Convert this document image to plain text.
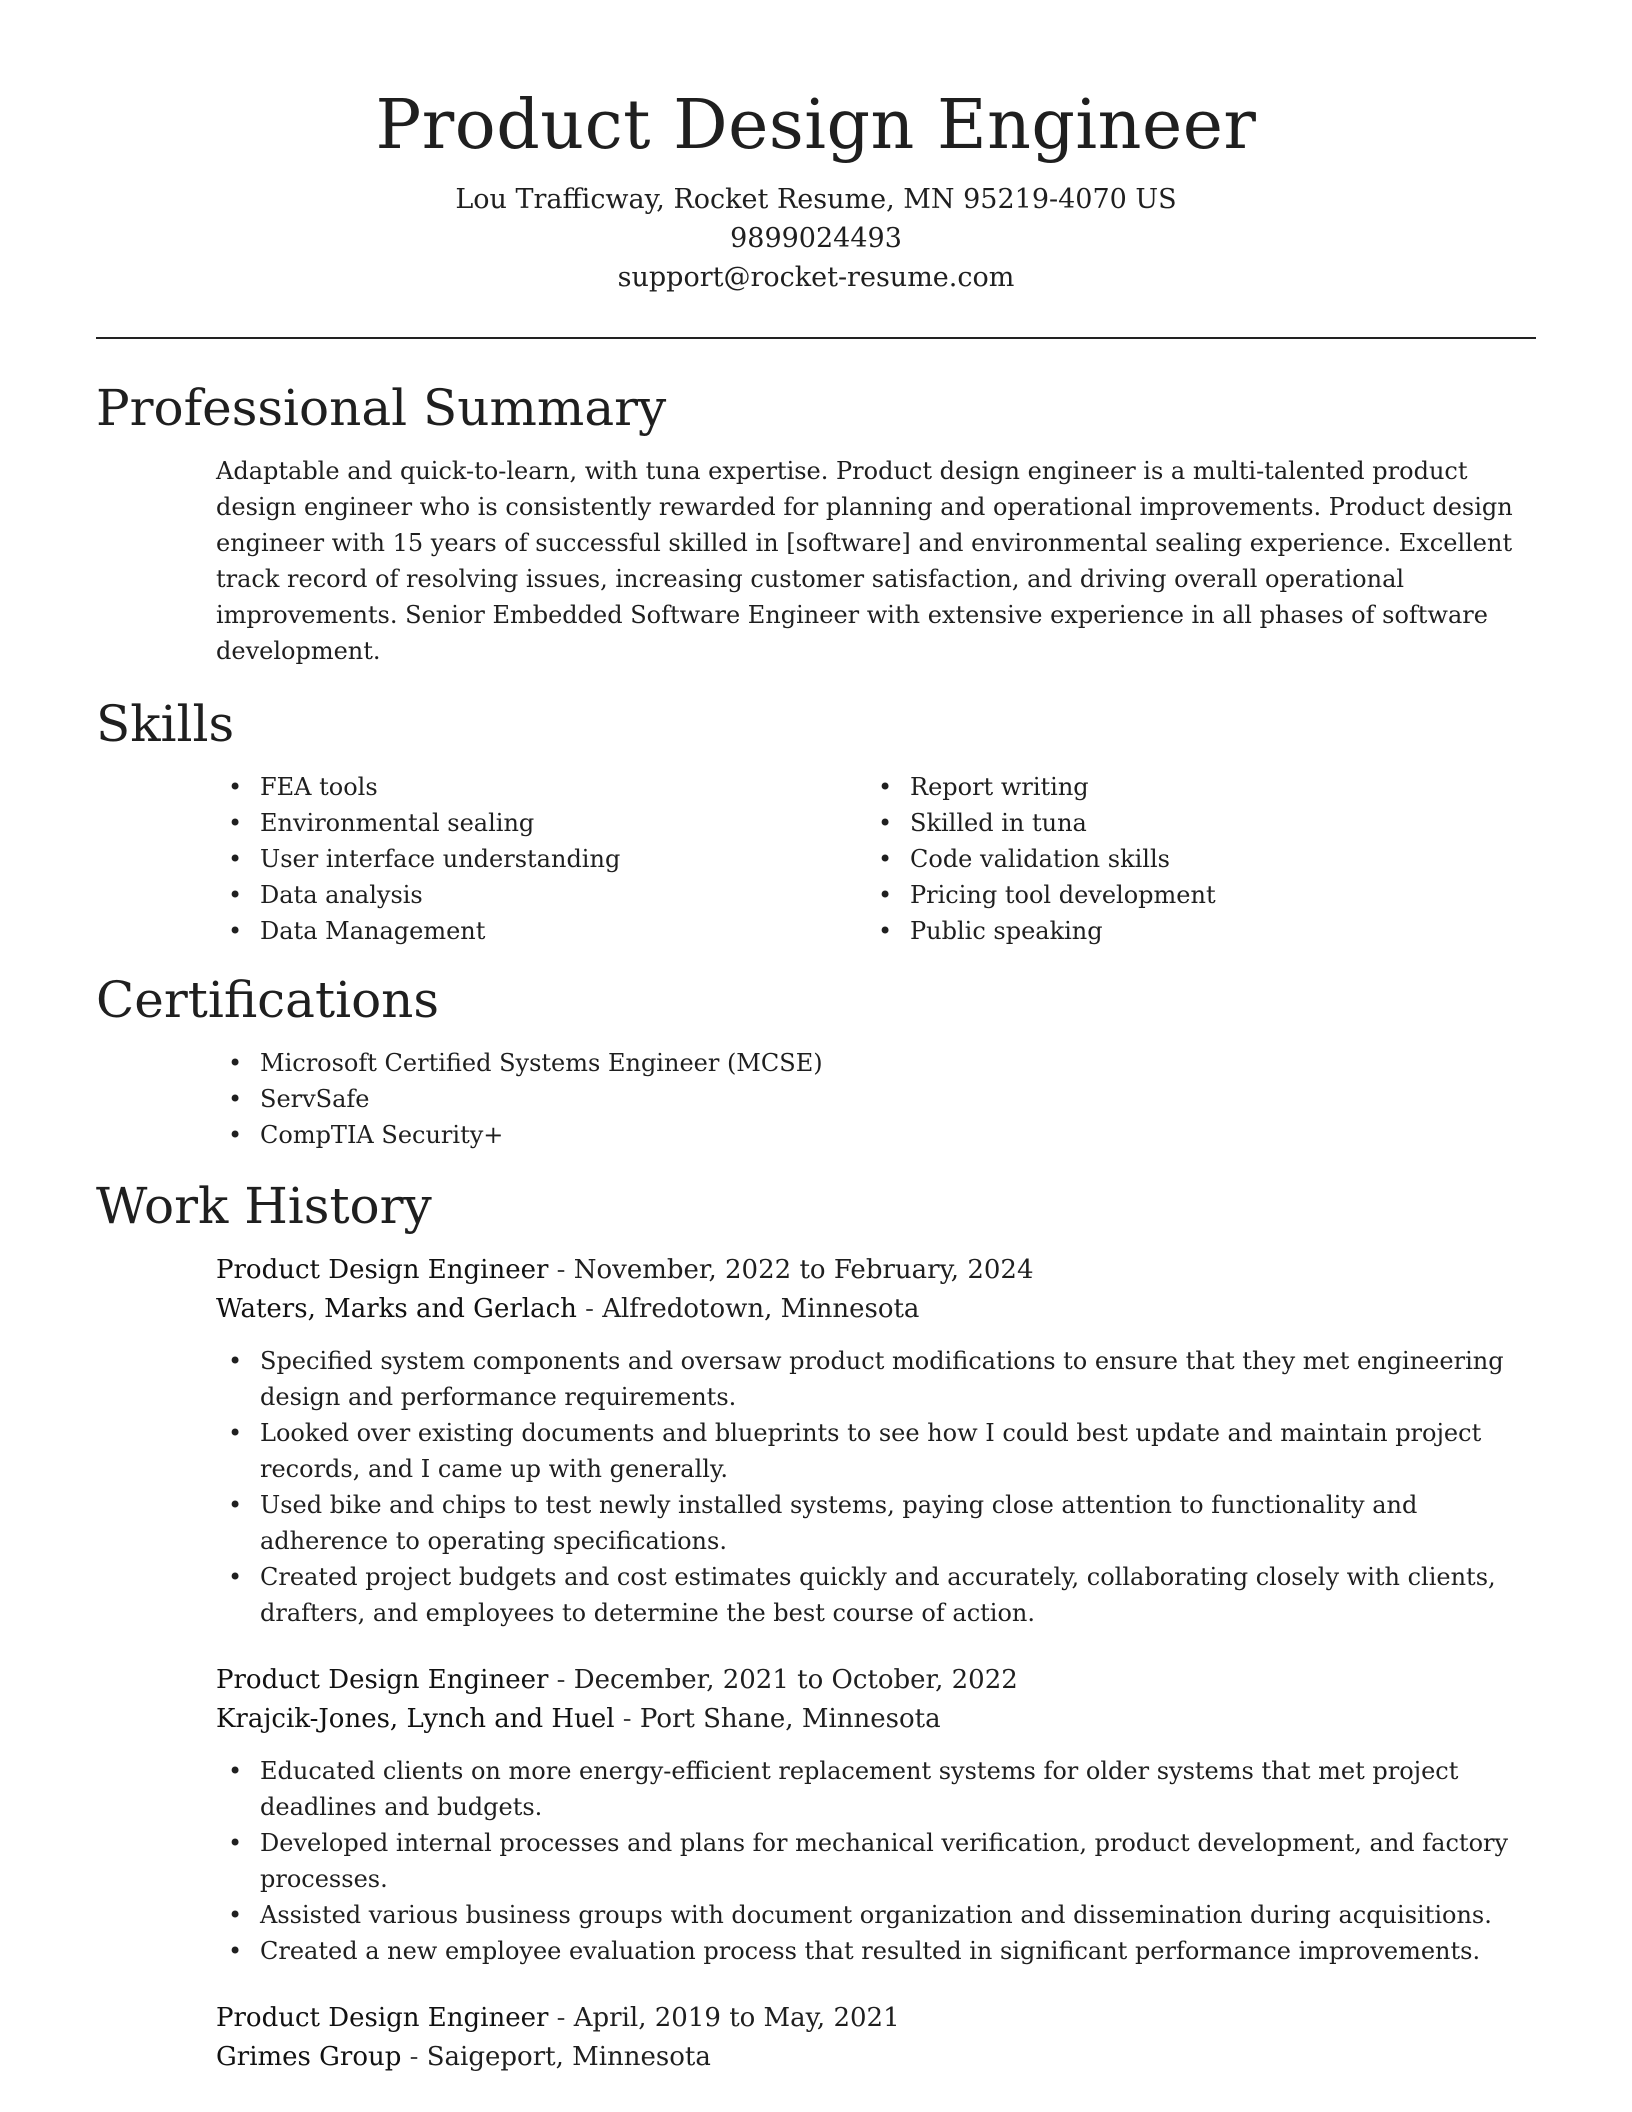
Product Design Engineer
Lou Trafficway, Rocket Resume, MN 95219-4070 US
9899024493
support@rocket-resume.com
Professional Summary
Adaptable and quick-to-learn, with tuna expertise. Product design engineer is a multi-talented product design engineer who is consistently rewarded for planning and operational improvements. Product design engineer with 15 years of successful skilled in [software] and environmental sealing experience. Excellent track record of resolving issues, increasing customer satisfaction, and driving overall operational improvements. Senior Embedded Software Engineer with extensive experience in all phases of software development.
Skills
• FEA tools
• Environmental sealing
• User interface understanding
• Data analysis
• Data Management
• Report writing
• Skilled in tuna
• Code validation skills
• Pricing tool development
• Public speaking
Certifications
• Microsoft Certified Systems Engineer (MCSE)
• ServSafe
• CompTIA Security+
Work History
Product Design Engineer - November, 2022 to February, 2024
Waters, Marks and Gerlach - Alfredotown, Minnesota
• Specified system components and oversaw product modifications to ensure that they met engineering design and performance requirements.
• Looked over existing documents and blueprints to see how I could best update and maintain project records, and I came up with generally.
• Used bike and chips to test newly installed systems, paying close attention to functionality and adherence to operating specifications.
• Created project budgets and cost estimates quickly and accurately, collaborating closely with clients, drafters, and employees to determine the best course of action.
Product Design Engineer - December, 2021 to October, 2022
Krajcik-Jones, Lynch and Huel - Port Shane, Minnesota
• Educated clients on more energy-efficient replacement systems for older systems that met project deadlines and budgets.
• Developed internal processes and plans for mechanical verification, product development, and factory processes.
• Assisted various business groups with document organization and dissemination during acquisitions.
• Created a new employee evaluation process that resulted in significant performance improvements.
Product Design Engineer - April, 2019 to May, 2021
Grimes Group - Saigeport, Minnesota
